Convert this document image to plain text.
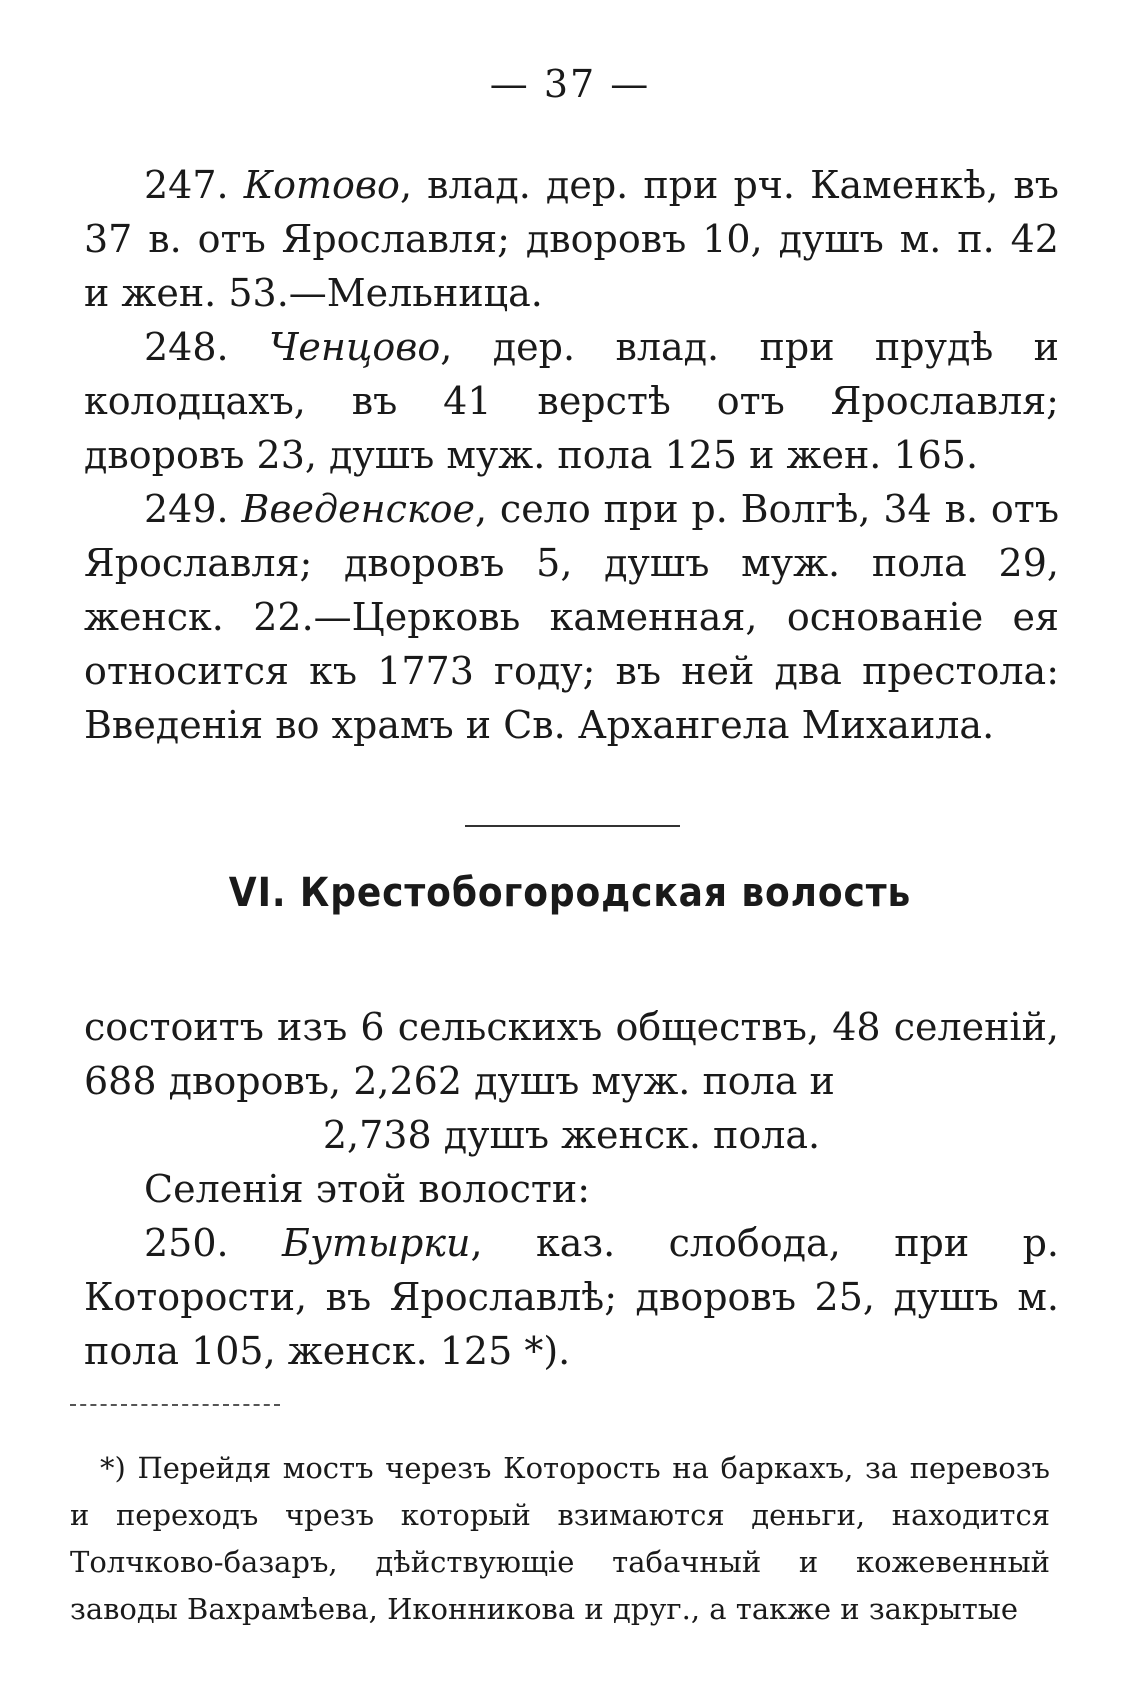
— 37 —

247. Котово, влад. дер. при рч. Каменкѣ, въ 37 в. отъ Ярославля; дворовъ 10, душъ м. п. 42 и жен. 53.—Мельница.

248. Ченцово, дер. влад. при прудѣ и колодцахъ, въ 41 верстѣ отъ Ярославля; дворовъ 23, душъ муж. пола 125 и жен. 165.

249. Введенское, село при р. Волгѣ, 34 в. отъ Ярославля; дворовъ 5, душъ муж. пола 29, женск. 22.—Церковь каменная, основаніе ея относится къ 1773 году; въ ней два престола: Введенія во храмъ и Св. Архангела Михаила.

VI. Крестобогородская волость

состоитъ изъ 6 сельскихъ обществъ, 48 селеній, 688 дворовъ, 2,262 душъ муж. пола и

2,738 душъ женск. пола.

Селенія этой волости:

250. Бутырки, каз. слобода, при р. Которости, въ Ярославлѣ; дворовъ 25, душъ м. пола 105, женск. 125 *).

*) Перейдя мостъ черезъ Которость на баркахъ, за перевозъ и переходъ чрезъ который взимаются деньги, находится Толчково-базаръ, дѣйствующіе табачный и кожевенный заводы Вахрамѣева, Иконникова и друг., а также и закрытые
